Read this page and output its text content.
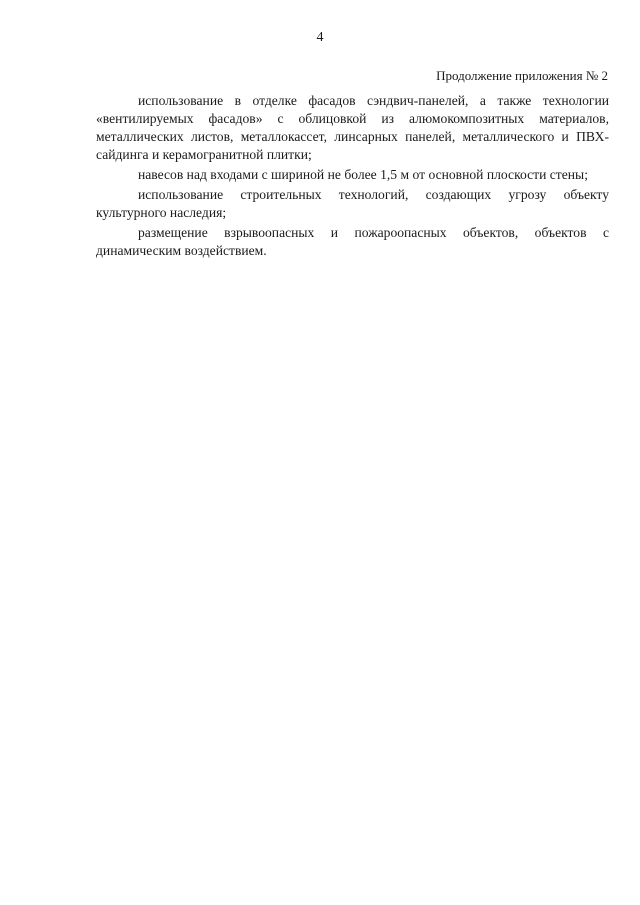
4
Продолжение приложения № 2

использование в отделке фасадов сэндвич-панелей, а также технологии «вентилируемых фасадов» с облицовкой из алюмокомпозитных материалов, металлических листов, металлокассет, линсарных панелей, металлического и ПВХ-сайдинга и керамогранитной плитки;

навесов над входами с шириной не более 1,5 м от основной плоскости стены;

использование строительных технологий, создающих угрозу объекту культурного наследия;

размещение взрывоопасных и пожароопасных объектов, объектов с динамическим воздействием.
